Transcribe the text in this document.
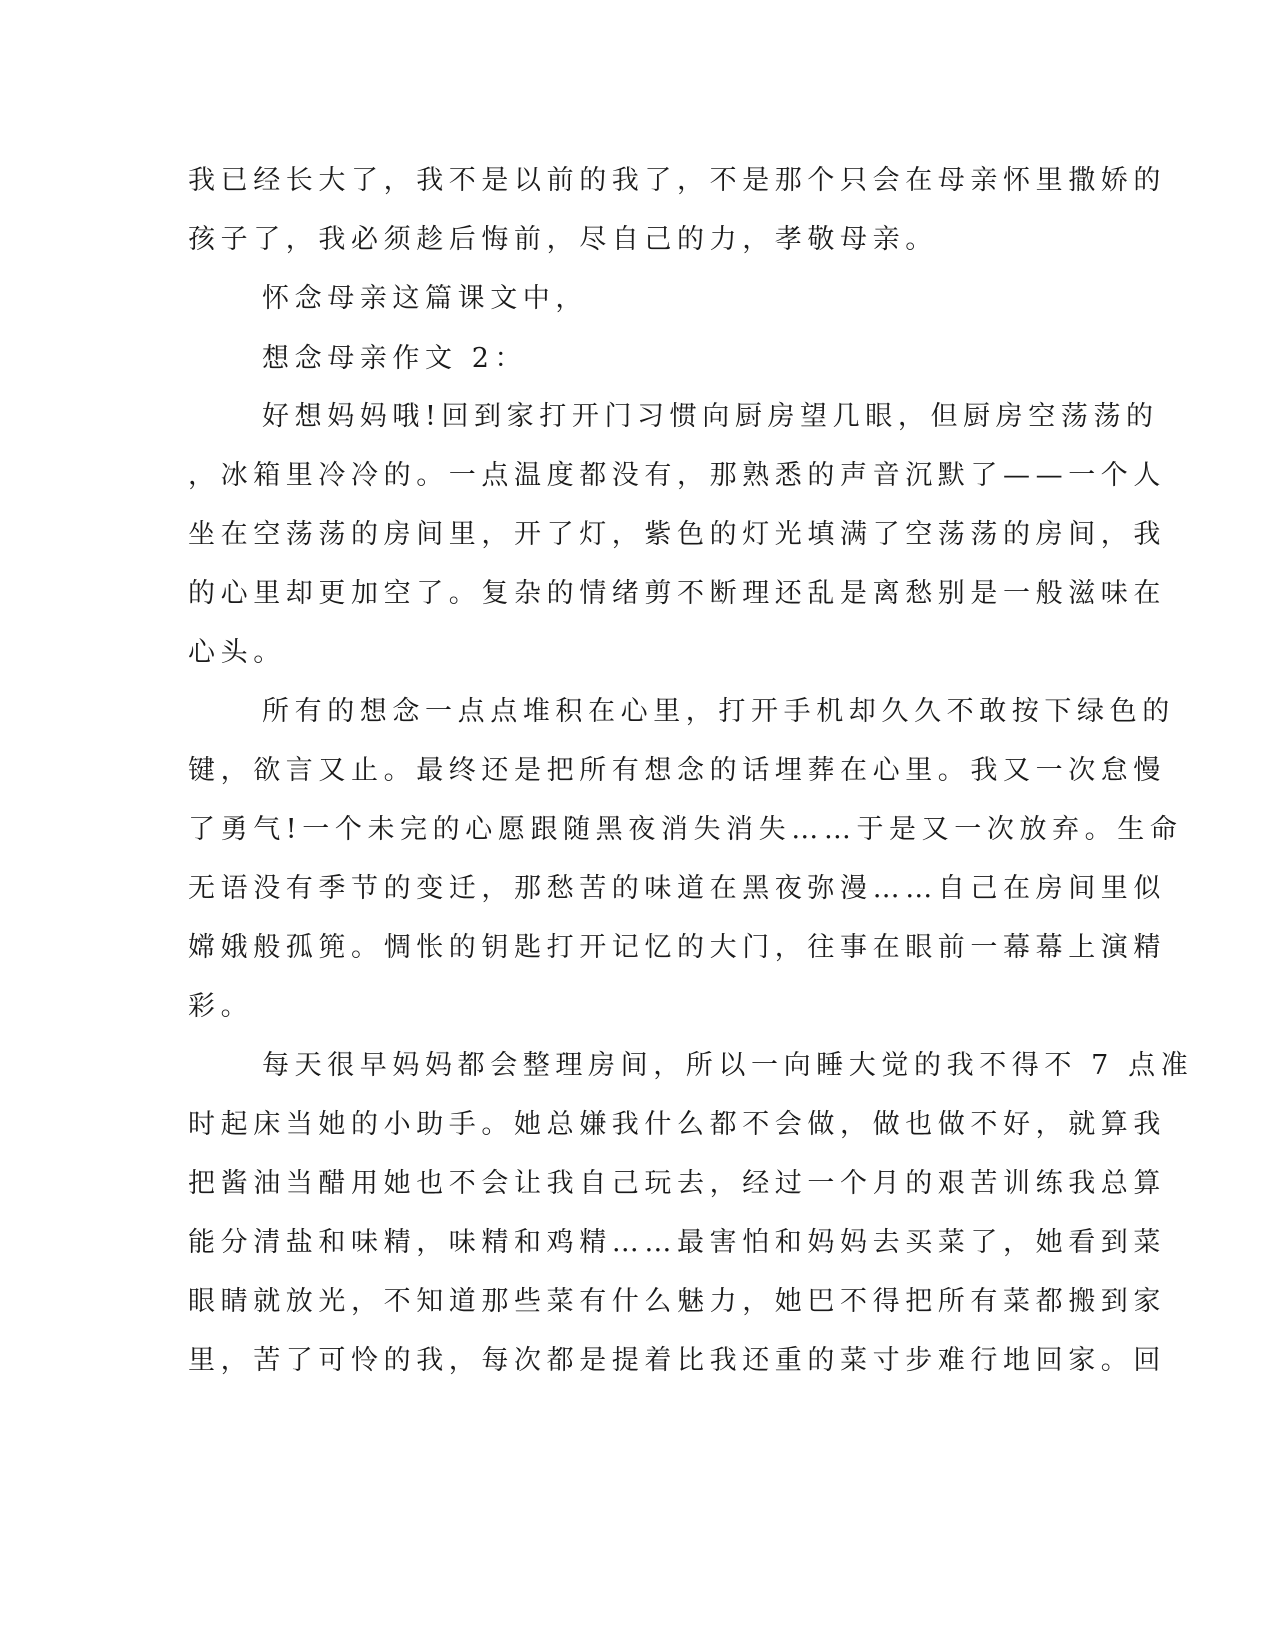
我已经长大了，我不是以前的我了，不是那个只会在母亲怀里撒娇的
孩子了，我必须趁后悔前，尽自己的力，孝敬母亲。
怀念母亲这篇课文中，
想念母亲作文 2：
好想妈妈哦!回到家打开门习惯向厨房望几眼，但厨房空荡荡的
，冰箱里冷冷的。一点温度都没有，那熟悉的声音沉默了——一个人
坐在空荡荡的房间里，开了灯，紫色的灯光填满了空荡荡的房间，我
的心里却更加空了。复杂的情绪剪不断理还乱是离愁别是一般滋味在
心头。
所有的想念一点点堆积在心里，打开手机却久久不敢按下绿色的
键，欲言又止。最终还是把所有想念的话埋葬在心里。我又一次怠慢
了勇气!一个未完的心愿跟随黑夜消失消失……于是又一次放弃。生命
无语没有季节的变迁，那愁苦的味道在黑夜弥漫……自己在房间里似
嫦娥般孤篼。惆怅的钥匙打开记忆的大门，往事在眼前一幕幕上演精
彩。
每天很早妈妈都会整理房间，所以一向睡大觉的我不得不 7 点准
时起床当她的小助手。她总嫌我什么都不会做，做也做不好，就算我
把酱油当醋用她也不会让我自己玩去，经过一个月的艰苦训练我总算
能分清盐和味精，味精和鸡精……最害怕和妈妈去买菜了，她看到菜
眼睛就放光，不知道那些菜有什么魅力，她巴不得把所有菜都搬到家
里，苦了可怜的我，每次都是提着比我还重的菜寸步难行地回家。回
